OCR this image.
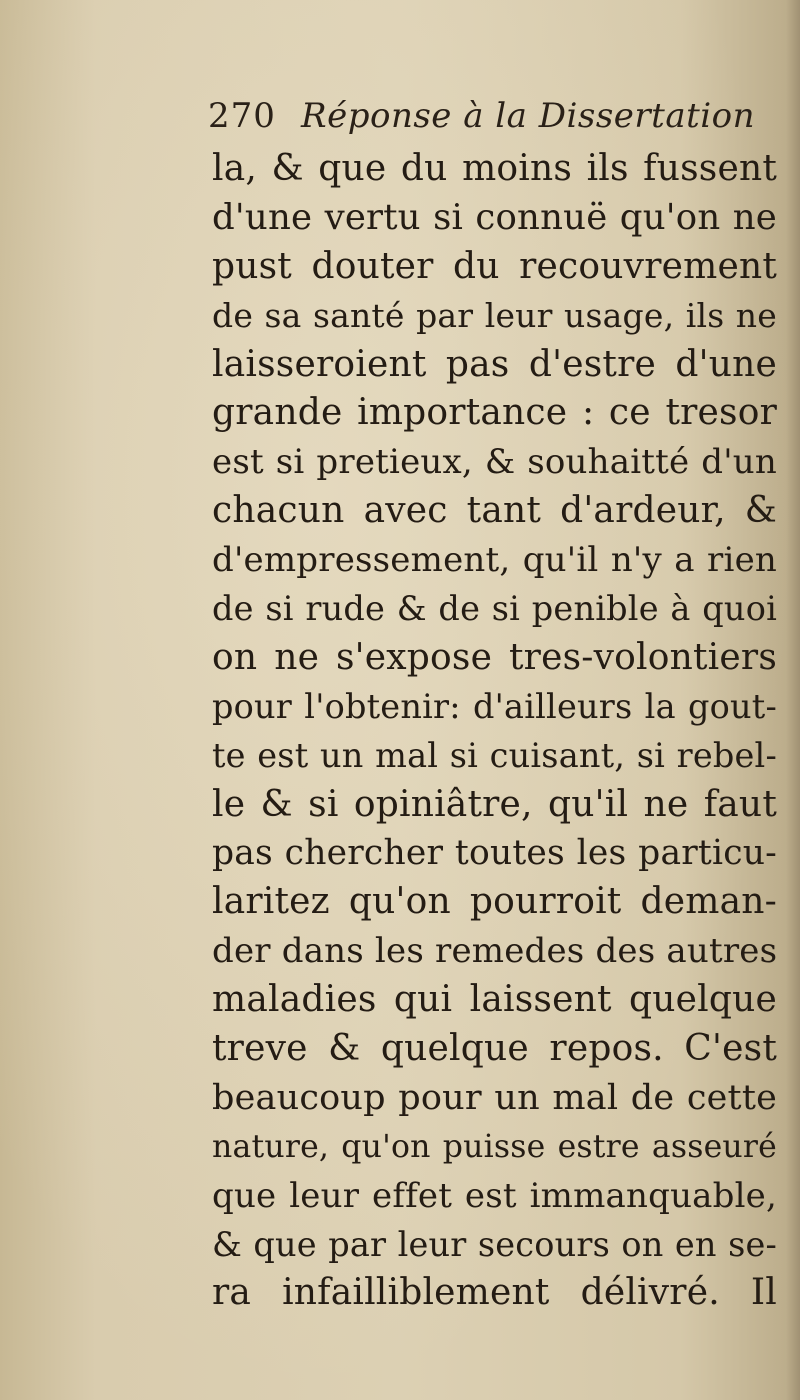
270 Réponse à la Dissertation
la, & que du moins ils fussent
d'une vertu si connuë qu'on ne
pust douter du recouvrement
de sa santé par leur usage, ils ne
laisseroient pas d'estre d'une
grande importance : ce tresor
est si pretieux, & souhaitté d'un
chacun avec tant d'ardeur, &
d'empressement, qu'il n'y a rien
de si rude & de si penible à quoi
on ne s'expose tres-volontiers
pour l'obtenir: d'ailleurs la gout-
te est un mal si cuisant, si rebel-
le & si opiniâtre, qu'il ne faut
pas chercher toutes les particu-
laritez qu'on pourroit deman-
der dans les remedes des autres
maladies qui laissent quelque
treve & quelque repos. C'est
beaucoup pour un mal de cette
nature, qu'on puisse estre asseuré
que leur effet est immanquable,
& que par leur secours on en se-
ra infailliblement délivré. Il
